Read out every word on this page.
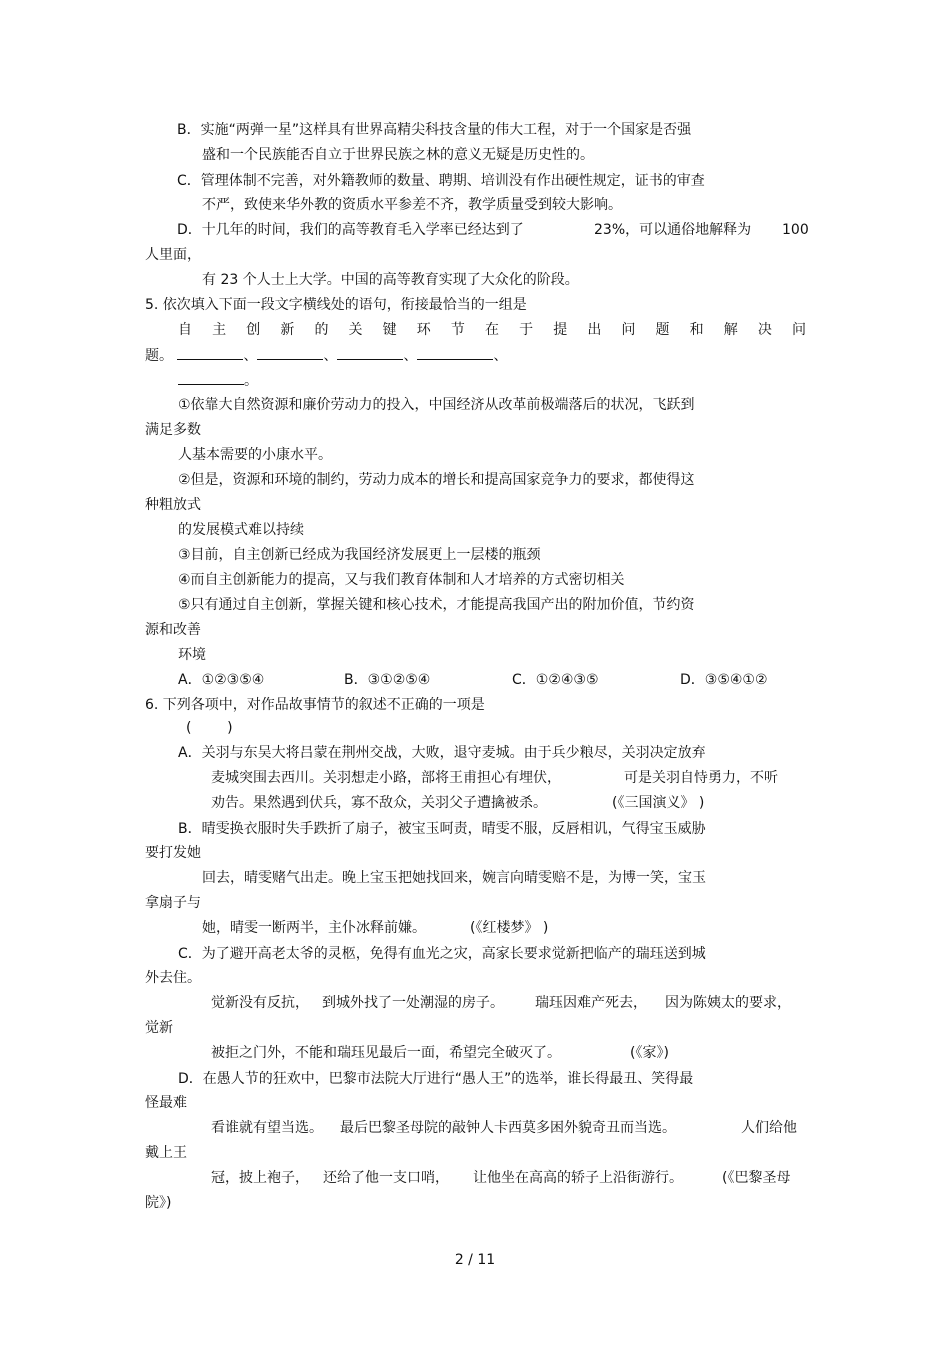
B．实施“两弹一星”这样具有世界高精尖科技含量的伟大工程，对于一个国家是否强
盛和一个民族能否自立于世界民族之林的意义无疑是历史性的。
C．管理体制不完善，对外籍教师的数量、聘期、培训没有作出硬性规定，证书的审查
不严，致使来华外教的资质水平参差不齐，教学质量受到较大影响。
D．十几年的时间，我们的高等教育毛入学率已经达到了	23%，可以通俗地解释为 100
人里面，
有 23 个人士上大学。中国的高等教育实现了大众化的阶段。
5. 依次填入下面一段文字横线处的语句，衔接最恰当的一组是
自 主 创 新 的 关 键 环 节 在 于 提 出 问 题 和 解 决 问
题。	、	、	、	、
。
①依靠大自然资源和廉价劳动力的投入，中国经济从改革前极端落后的状况，飞跃到
满足多数
人基本需要的小康水平。
②但是，资源和环境的制约，劳动力成本的增长和提高国家竞争力的要求，都使得这
种粗放式
的发展模式难以持续
③目前，自主创新已经成为我国经济发展更上一层楼的瓶颈
④而自主创新能力的提高，又与我们教育体制和人才培养的方式密切相关
⑤只有通过自主创新，掌握关键和核心技术，才能提高我国产出的附加价值，节约资
源和改善
环境
A．①②③⑤④	B．③①②⑤④	C．①②④③⑤	D．③⑤④①②
6. 下列各项中，对作品故事情节的叙述不正确的一项是
(        )
A．关羽与东吴大将吕蒙在荆州交战，大败，退守麦城。由于兵少粮尽，关羽决定放弃
麦城突围去西川。关羽想走小路，部将王甫担心有埋伏，	可是关羽自恃勇力，不听
劝告。果然遇到伏兵，寡不敌众，关羽父子遭擒被杀。	(《三国演义》 )
B．晴雯换衣服时失手跌折了扇子，被宝玉呵责，晴雯不服，反唇相讥，气得宝玉威胁
要打发她
回去，晴雯赌气出走。晚上宝玉把她找回来，婉言向晴雯赔不是，为博一笑，宝玉
拿扇子与
她，晴雯一断两半，主仆冰释前嫌。	(《红楼梦》 )
C．为了避开高老太爷的灵柩，免得有血光之灾，高家长要求觉新把临产的瑞珏送到城
外去住。
觉新没有反抗， 到城外找了一处潮湿的房子。 瑞珏因难产死去， 因为陈姨太的要求，
觉新
被拒之门外，不能和瑞珏见最后一面，希望完全破灭了。	(《家》)
D．在愚人节的狂欢中，巴黎市法院大厅进行“愚人王”的选举，谁长得最丑、笑得最
怪最难
看谁就有望当选。 最后巴黎圣母院的敲钟人卡西莫多困外貌奇丑而当选。	人们给他
戴上王
冠，披上袍子， 还给了他一支口哨， 让他坐在高高的轿子上沿街游行。	(《巴黎圣母
院》)
2 / 11
